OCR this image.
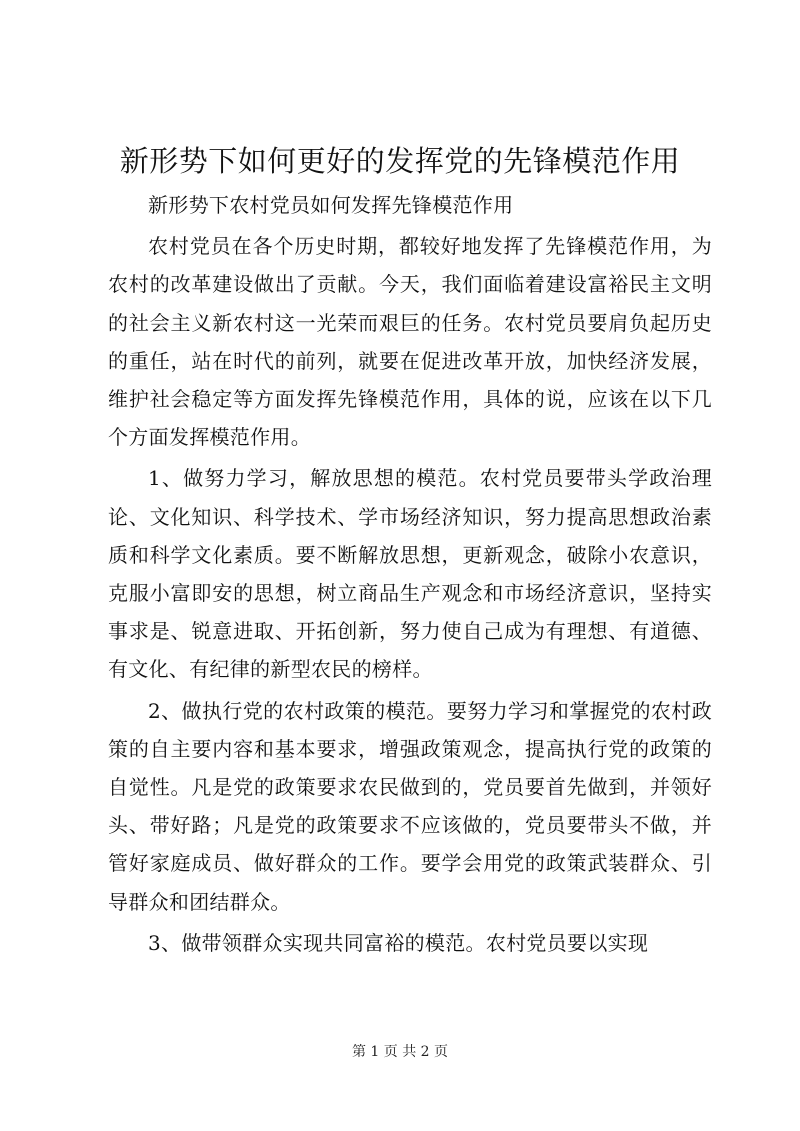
新形势下如何更好的发挥党的先锋模范作用

新形势下农村党员如何发挥先锋模范作用

农村党员在各个历史时期，都较好地发挥了先锋模范作用，为农村的改革建设做出了贡献。今天，我们面临着建设富裕民主文明的社会主义新农村这一光荣而艰巨的任务。农村党员要肩负起历史的重任，站在时代的前列，就要在促进改革开放，加快经济发展，维护社会稳定等方面发挥先锋模范作用，具体的说，应该在以下几个方面发挥模范作用。

1、做努力学习，解放思想的模范。农村党员要带头学政治理论、文化知识、科学技术、学市场经济知识，努力提高思想政治素质和科学文化素质。要不断解放思想，更新观念，破除小农意识，克服小富即安的思想，树立商品生产观念和市场经济意识，坚持实事求是、锐意进取、开拓创新，努力使自己成为有理想、有道德、有文化、有纪律的新型农民的榜样。

2、做执行党的农村政策的模范。要努力学习和掌握党的农村政策的自主要内容和基本要求，增强政策观念，提高执行党的政策的自觉性。凡是党的政策要求农民做到的，党员要首先做到，并领好头、带好路；凡是党的政策要求不应该做的，党员要带头不做，并管好家庭成员、做好群众的工作。要学会用党的政策武装群众、引导群众和团结群众。

3、做带领群众实现共同富裕的模范。农村党员要以实现

第 1 页 共 2 页
